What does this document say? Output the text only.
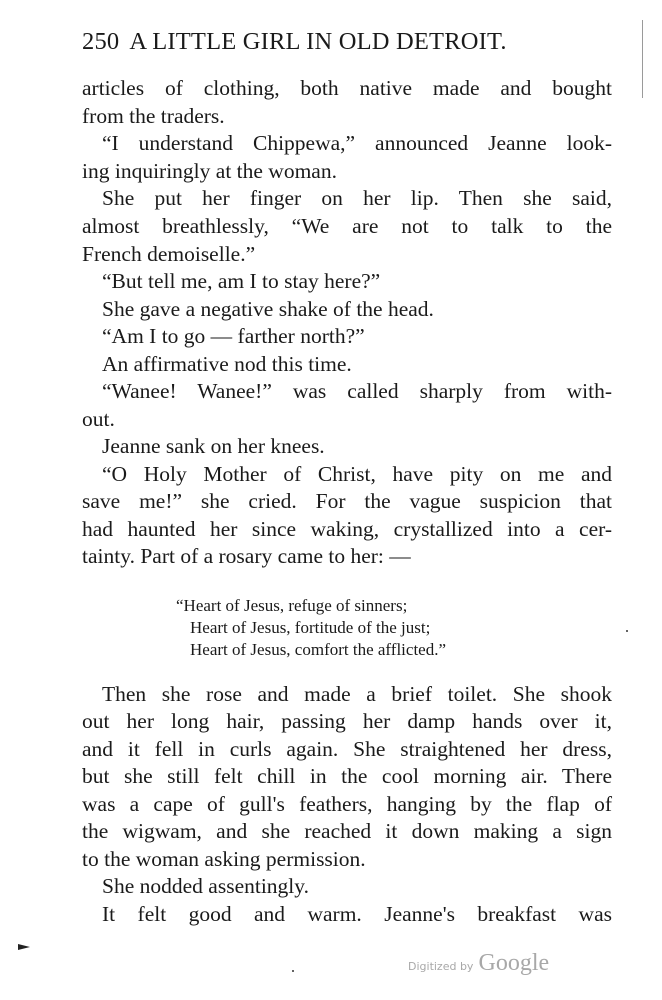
250 A LITTLE GIRL IN OLD DETROIT.
articles of clothing, both native made and bought
from the traders.
“I understand Chippewa,” announced Jeanne look-
ing inquiringly at the woman.
She put her finger on her lip. Then she said,
almost breathlessly, “We are not to talk to the
French demoiselle.”
“But tell me, am I to stay here?”
She gave a negative shake of the head.
“Am I to go — farther north?”
An affirmative nod this time.
“Wanee! Wanee!” was called sharply from with-
out.
Jeanne sank on her knees.
“O Holy Mother of Christ, have pity on me and
save me!” she cried. For the vague suspicion that
had haunted her since waking, crystallized into a cer-
tainty. Part of a rosary came to her: —
“Heart of Jesus, refuge of sinners;
Heart of Jesus, fortitude of the just;
Heart of Jesus, comfort the afflicted.”
Then she rose and made a brief toilet. She shook
out her long hair, passing her damp hands over it,
and it fell in curls again. She straightened her dress,
but she still felt chill in the cool morning air. There
was a cape of gull's feathers, hanging by the flap of
the wigwam, and she reached it down making a sign
to the woman asking permission.
She nodded assentingly.
It felt good and warm. Jeanne's breakfast was
Digitized by Google
